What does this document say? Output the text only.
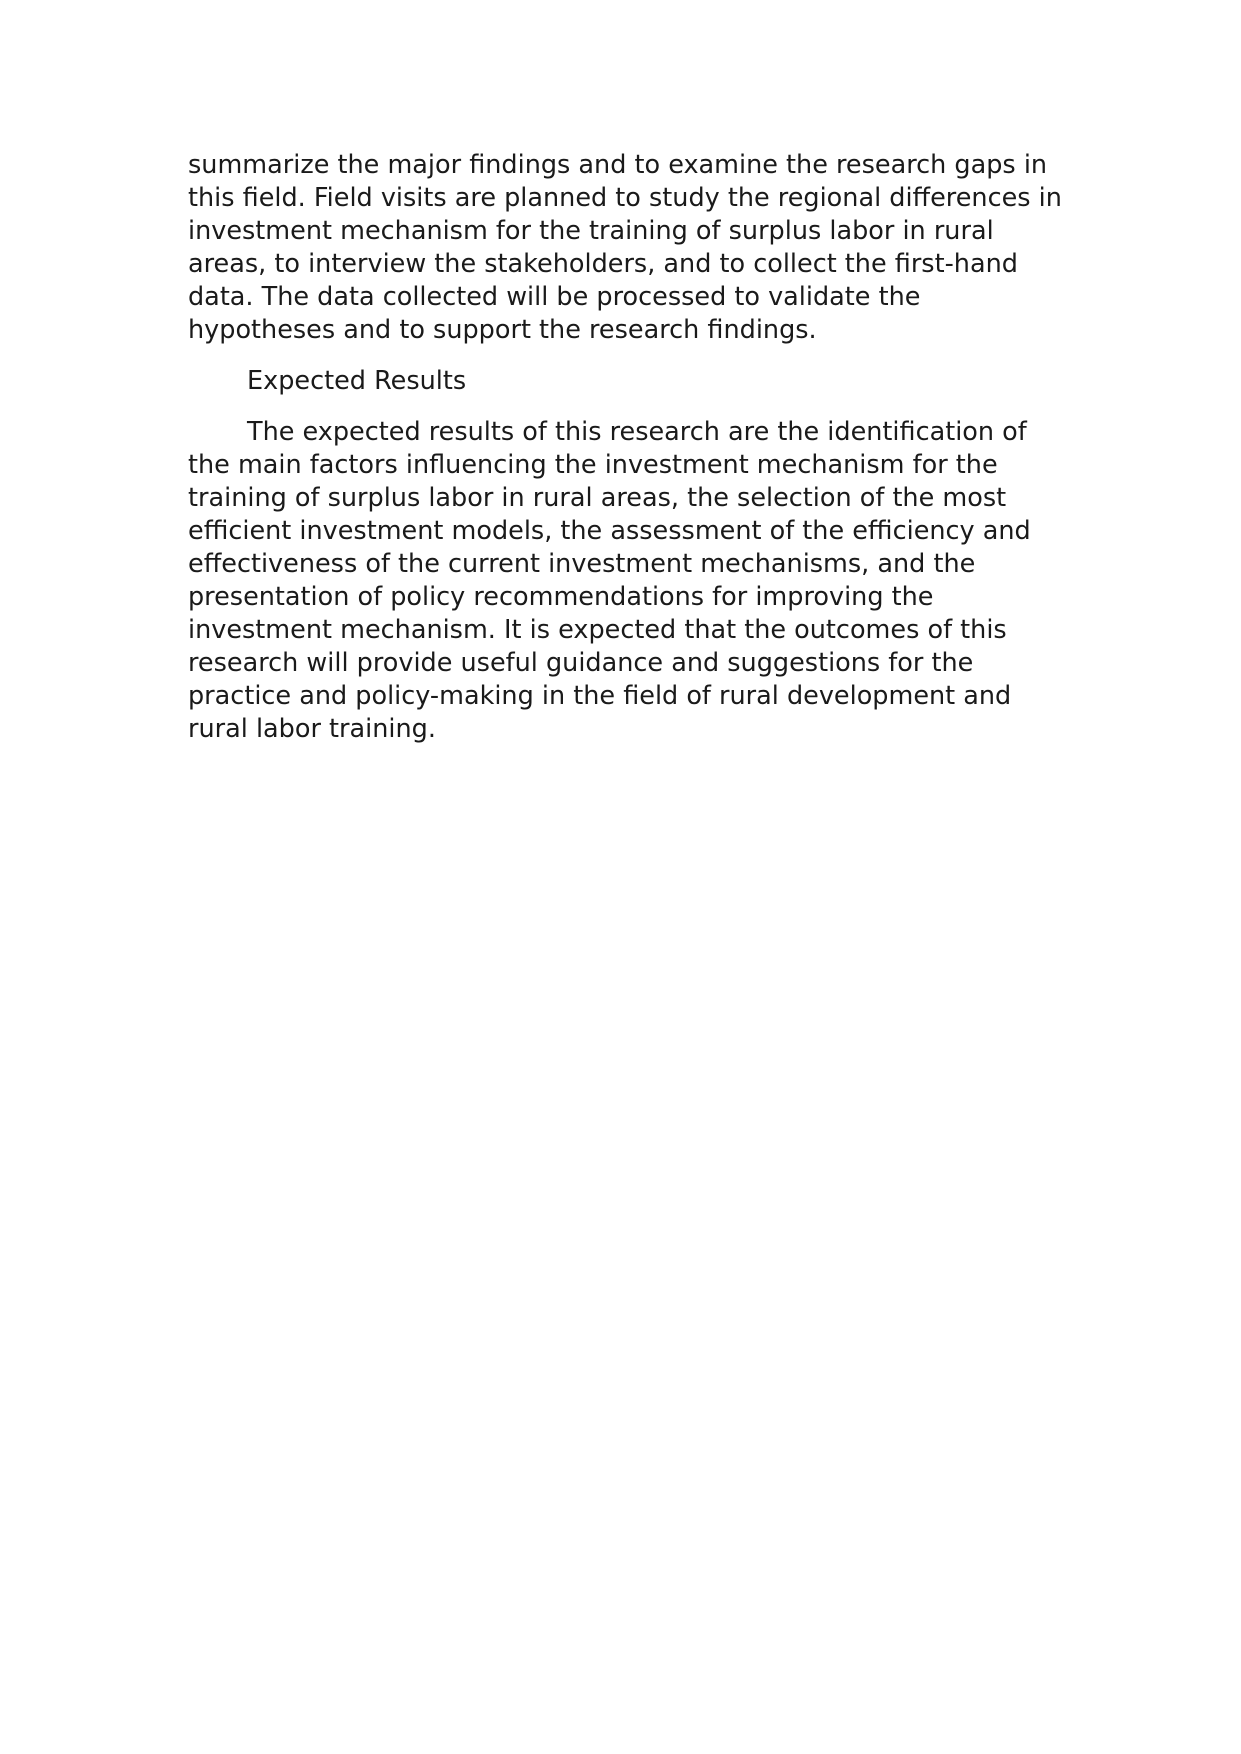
summarize the major findings and to examine the research gaps in this field. Field visits are planned to study the regional differences in investment mechanism for the training of surplus labor in rural areas, to interview the stakeholders, and to collect the first-hand data. The data collected will be processed to validate the hypotheses and to support the research findings.

Expected Results

The expected results of this research are the identification of the main factors influencing the investment mechanism for the training of surplus labor in rural areas, the selection of the most efficient investment models, the assessment of the efficiency and effectiveness of the current investment mechanisms, and the presentation of policy recommendations for improving the investment mechanism. It is expected that the outcomes of this research will provide useful guidance and suggestions for the practice and policy-making in the field of rural development and rural labor training.
